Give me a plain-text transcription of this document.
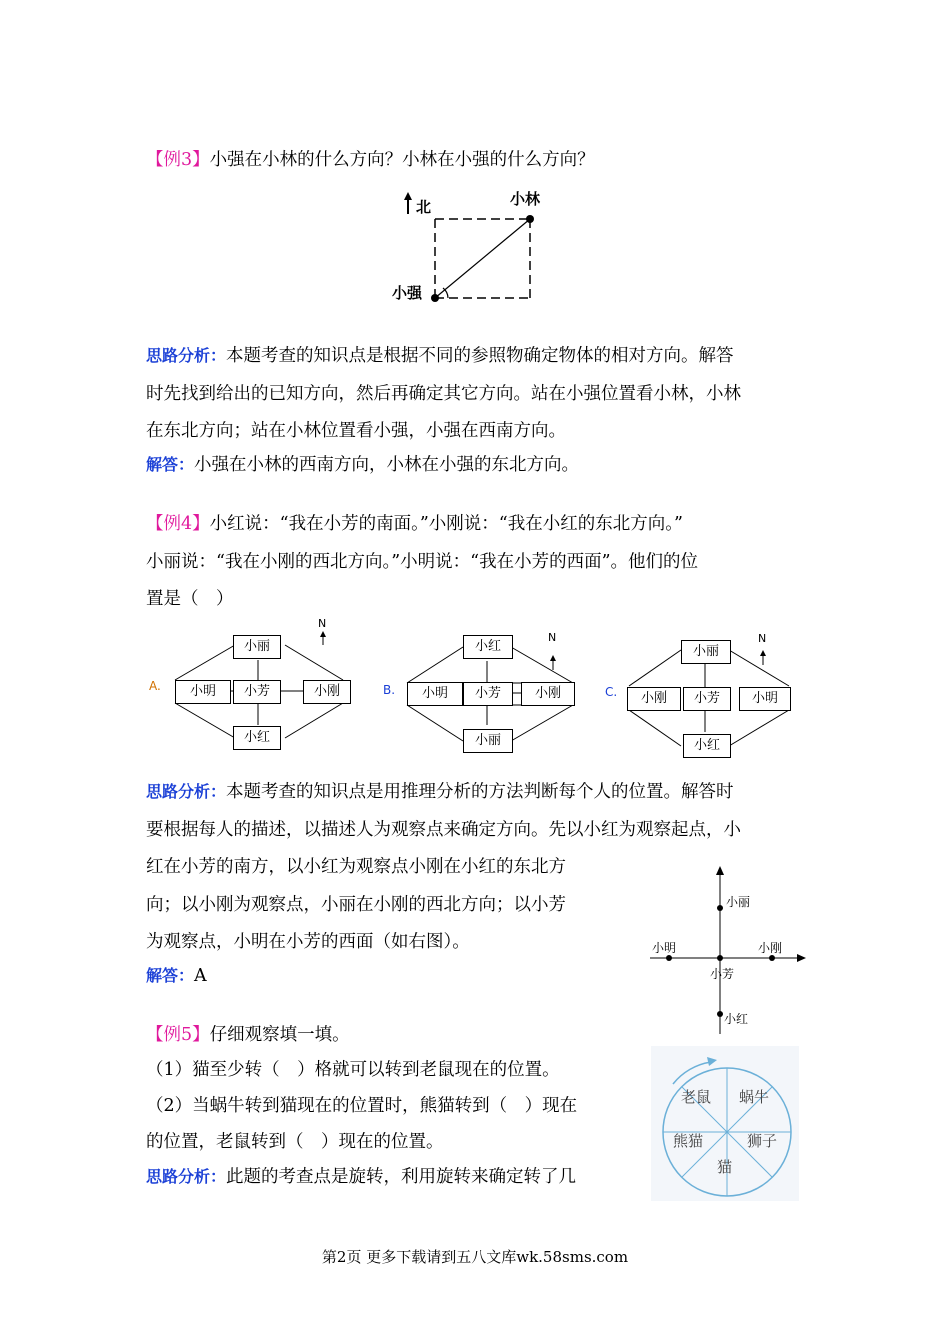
【例3】小强在小林的什么方向？小林在小强的什么方向？
北	小林
小强
思路分析：本题考查的知识点是根据不同的参照物确定物体的相对方向。解答
时先找到给出的已知方向，然后再确定其它方向。站在小强位置看小林，小林
在东北方向；站在小林位置看小强，小强在西南方向。
解答：小强在小林的西南方向，小林在小强的东北方向。
【例4】小红说：“我在小芳的南面。”小刚说：“我在小红的东北方向。”
小丽说：“我在小刚的西北方向。”小明说：“我在小芳的西面”。他们的位
置是（　）
A.
N
小丽
小明	小芳	小刚
小红
B.
N
小红
小明	小芳	小刚
小丽
C.
N
小丽
小刚	小芳	小明
小红
思路分析：本题考查的知识点是用推理分析的方法判断每个人的位置。解答时
要根据每人的描述，以描述人为观察点来确定方向。先以小红为观察起点，小
红在小芳的南方，以小红为观察点小刚在小红的东北方
向；以小刚为观察点，小丽在小刚的西北方向；以小芳
为观察点，小明在小芳的西面（如右图）。
解答：A
小丽
小明	小刚
小芳
小红
【例5】仔细观察填一填。
（1）猫至少转（　）格就可以转到老鼠现在的位置。
（2）当蜗牛转到猫现在的位置时，熊猫转到（　）现在
的位置，老鼠转到（　）现在的位置。
思路分析：此题的考查点是旋转，利用旋转来确定转了几
老鼠 蜗牛
熊猫	狮子
猫
第2页 更多下载请到五八文库wk.58sms.com
